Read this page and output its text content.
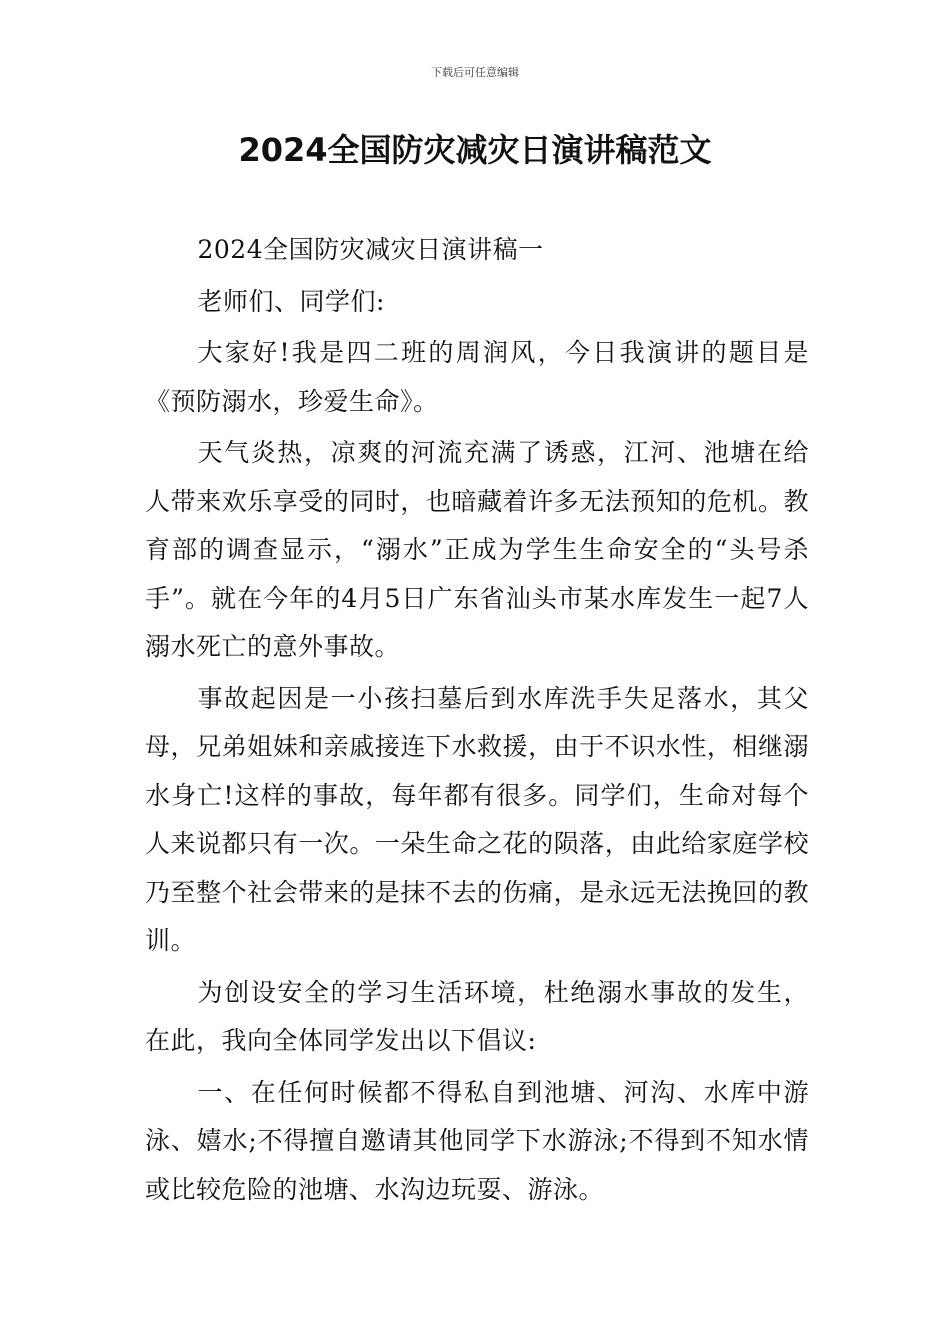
下载后可任意编辑
2024全国防灾减灾日演讲稿范文

2024全国防灾减灾日演讲稿一

老师们、同学们:

大家好!我是四二班的周润风，今日我演讲的题目是《预防溺水，珍爱生命》。

天气炎热，凉爽的河流充满了诱惑，江河、池塘在给人带来欢乐享受的同时，也暗藏着许多无法预知的危机。教育部的调查显示，“溺水”正成为学生生命安全的“头号杀手”。就在今年的4月5日广东省汕头市某水库发生一起7人溺水死亡的意外事故。

事故起因是一小孩扫墓后到水库洗手失足落水，其父母，兄弟姐妹和亲戚接连下水救援，由于不识水性，相继溺水身亡!这样的事故，每年都有很多。同学们，生命对每个人来说都只有一次。一朵生命之花的陨落，由此给家庭学校乃至整个社会带来的是抹不去的伤痛，是永远无法挽回的教训。

为创设安全的学习生活环境，杜绝溺水事故的发生，在此，我向全体同学发出以下倡议:

一、在任何时候都不得私自到池塘、河沟、水库中游泳、嬉水;不得擅自邀请其他同学下水游泳;不得到不知水情或比较危险的池塘、水沟边玩耍、游泳。
